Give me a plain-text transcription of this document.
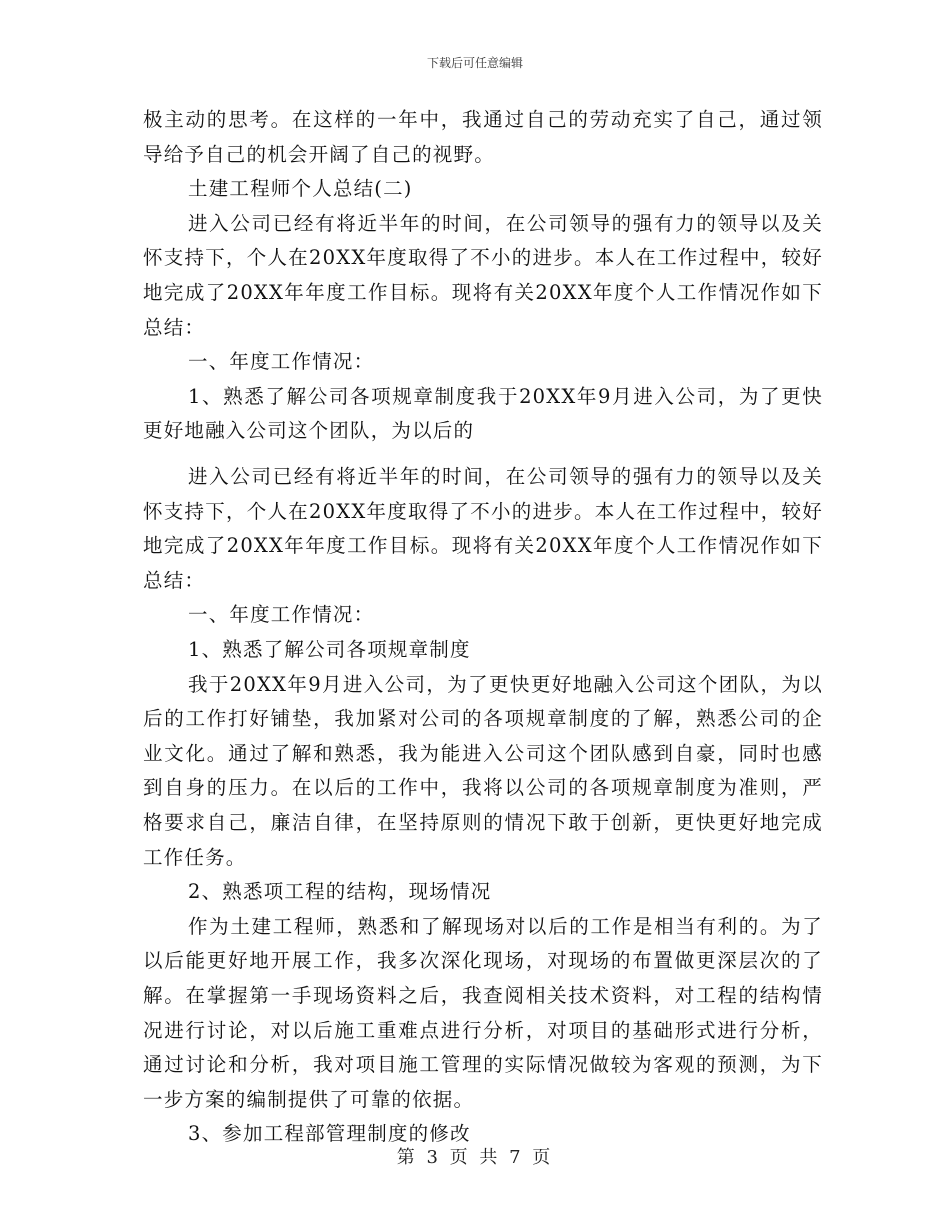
下载后可任意编辑

极主动的思考。在这样的一年中，我通过自己的劳动充实了自己，通过领导给予自己的机会开阔了自己的视野。

土建工程师个人总结(二)

进入公司已经有将近半年的时间，在公司领导的强有力的领导以及关怀支持下，个人在20XX年度取得了不小的进步。本人在工作过程中，较好地完成了20XX年年度工作目标。现将有关20XX年度个人工作情况作如下总结：

一、年度工作情况：

1、熟悉了解公司各项规章制度我于20XX年9月进入公司，为了更快更好地融入公司这个团队，为以后的

进入公司已经有将近半年的时间，在公司领导的强有力的领导以及关怀支持下，个人在20XX年度取得了不小的进步。本人在工作过程中，较好地完成了20XX年年度工作目标。现将有关20XX年度个人工作情况作如下总结：

一、年度工作情况：

1、熟悉了解公司各项规章制度

我于20XX年9月进入公司，为了更快更好地融入公司这个团队，为以后的工作打好铺垫，我加紧对公司的各项规章制度的了解，熟悉公司的企业文化。通过了解和熟悉，我为能进入公司这个团队感到自豪，同时也感到自身的压力。在以后的工作中，我将以公司的各项规章制度为准则，严格要求自己，廉洁自律，在坚持原则的情况下敢于创新，更快更好地完成工作任务。

2、熟悉项工程的结构，现场情况

作为土建工程师，熟悉和了解现场对以后的工作是相当有利的。为了以后能更好地开展工作，我多次深化现场，对现场的布置做更深层次的了解。在掌握第一手现场资料之后，我查阅相关技术资料，对工程的结构情况进行讨论，对以后施工重难点进行分析，对项目的基础形式进行分析，通过讨论和分析，我对项目施工管理的实际情况做较为客观的预测，为下一步方案的编制提供了可靠的依据。

3、参加工程部管理制度的修改

第 3 页 共 7 页
